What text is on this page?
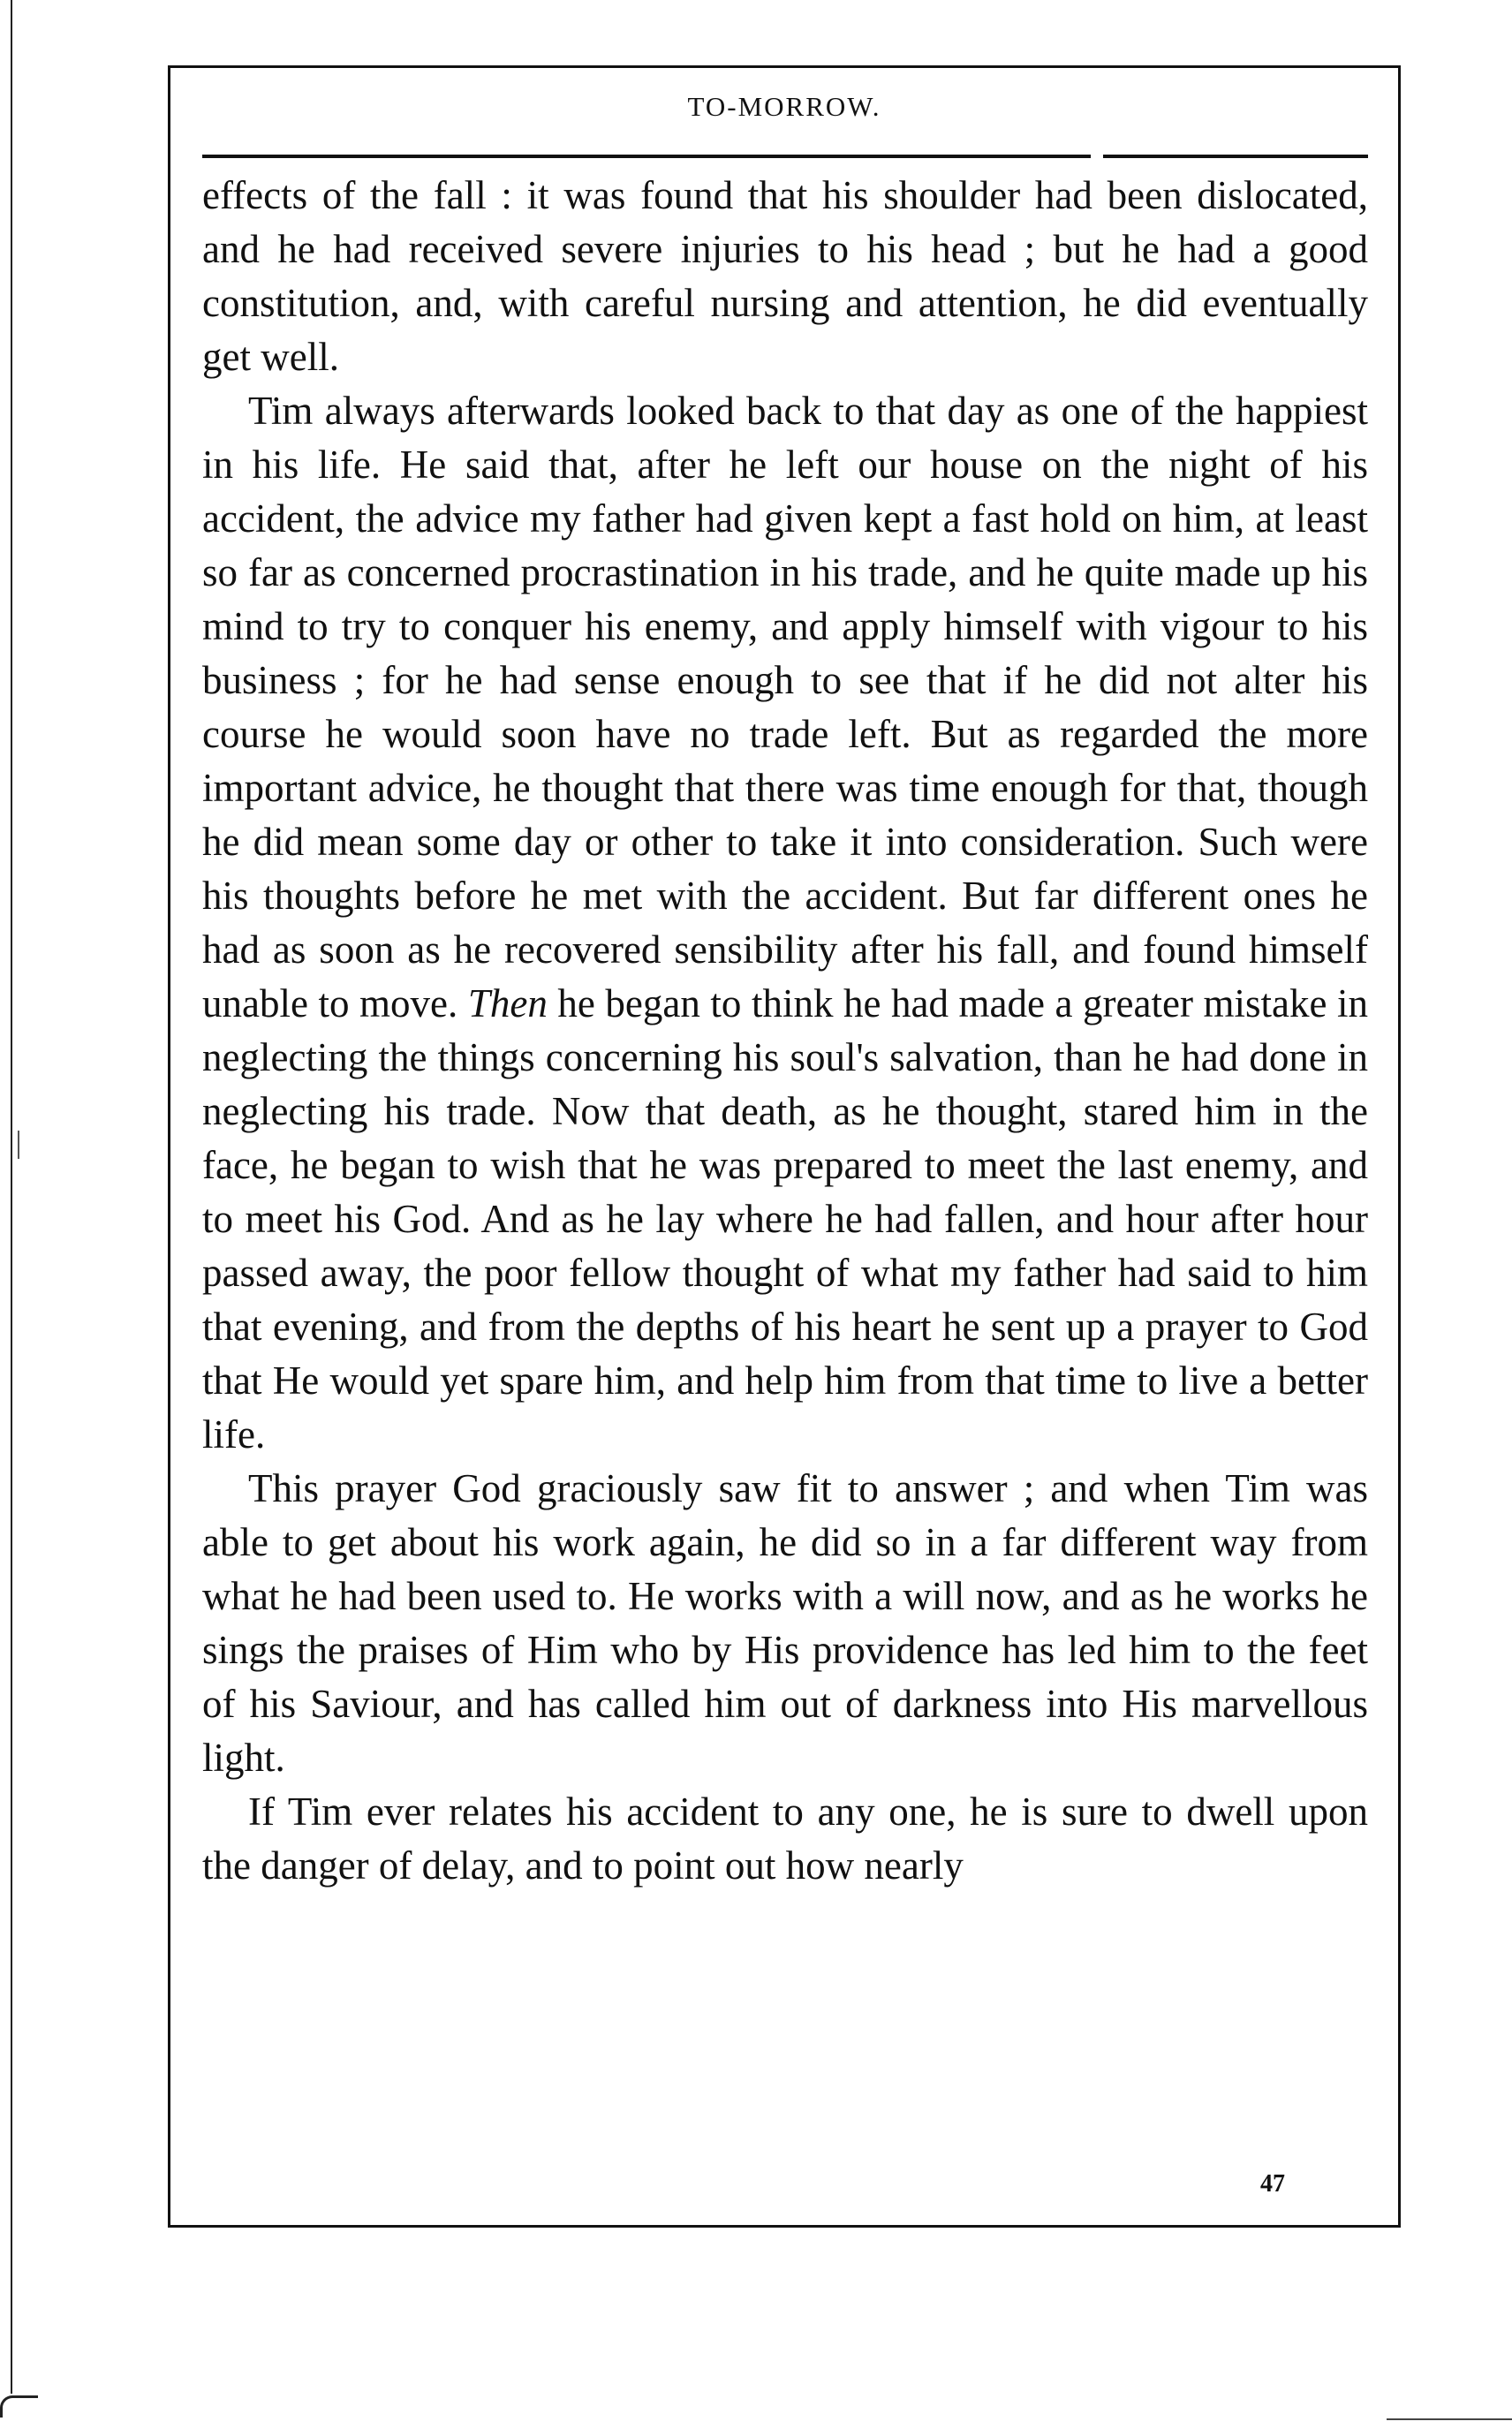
TO-MORROW.

effects of the fall : it was found that his shoulder had been dislocated, and he had received severe injuries to his head ; but he had a good constitution, and, with careful nursing and attention, he did eventually get well.

Tim always afterwards looked back to that day as one of the happiest in his life. He said that, after he left our house on the night of his accident, the advice my father had given kept a fast hold on him, at least so far as concerned procrastination in his trade, and he quite made up his mind to try to conquer his enemy, and apply himself with vigour to his business ; for he had sense enough to see that if he did not alter his course he would soon have no trade left. But as regarded the more important advice, he thought that there was time enough for that, though he did mean some day or other to take it into consideration. Such were his thoughts before he met with the accident. But far different ones he had as soon as he recovered sensibility after his fall, and found himself unable to move. Then he began to think he had made a greater mistake in neglecting the things concerning his soul's salvation, than he had done in neglecting his trade. Now that death, as he thought, stared him in the face, he began to wish that he was prepared to meet the last enemy, and to meet his God. And as he lay where he had fallen, and hour after hour passed away, the poor fellow thought of what my father had said to him that evening, and from the depths of his heart he sent up a prayer to God that He would yet spare him, and help him from that time to live a better life.

This prayer God graciously saw fit to answer ; and when Tim was able to get about his work again, he did so in a far different way from what he had been used to. He works with a will now, and as he works he sings the praises of Him who by His providence has led him to the feet of his Saviour, and has called him out of darkness into His marvellous light.

If Tim ever relates his accident to any one, he is sure to dwell upon the danger of delay, and to point out how nearly

47
